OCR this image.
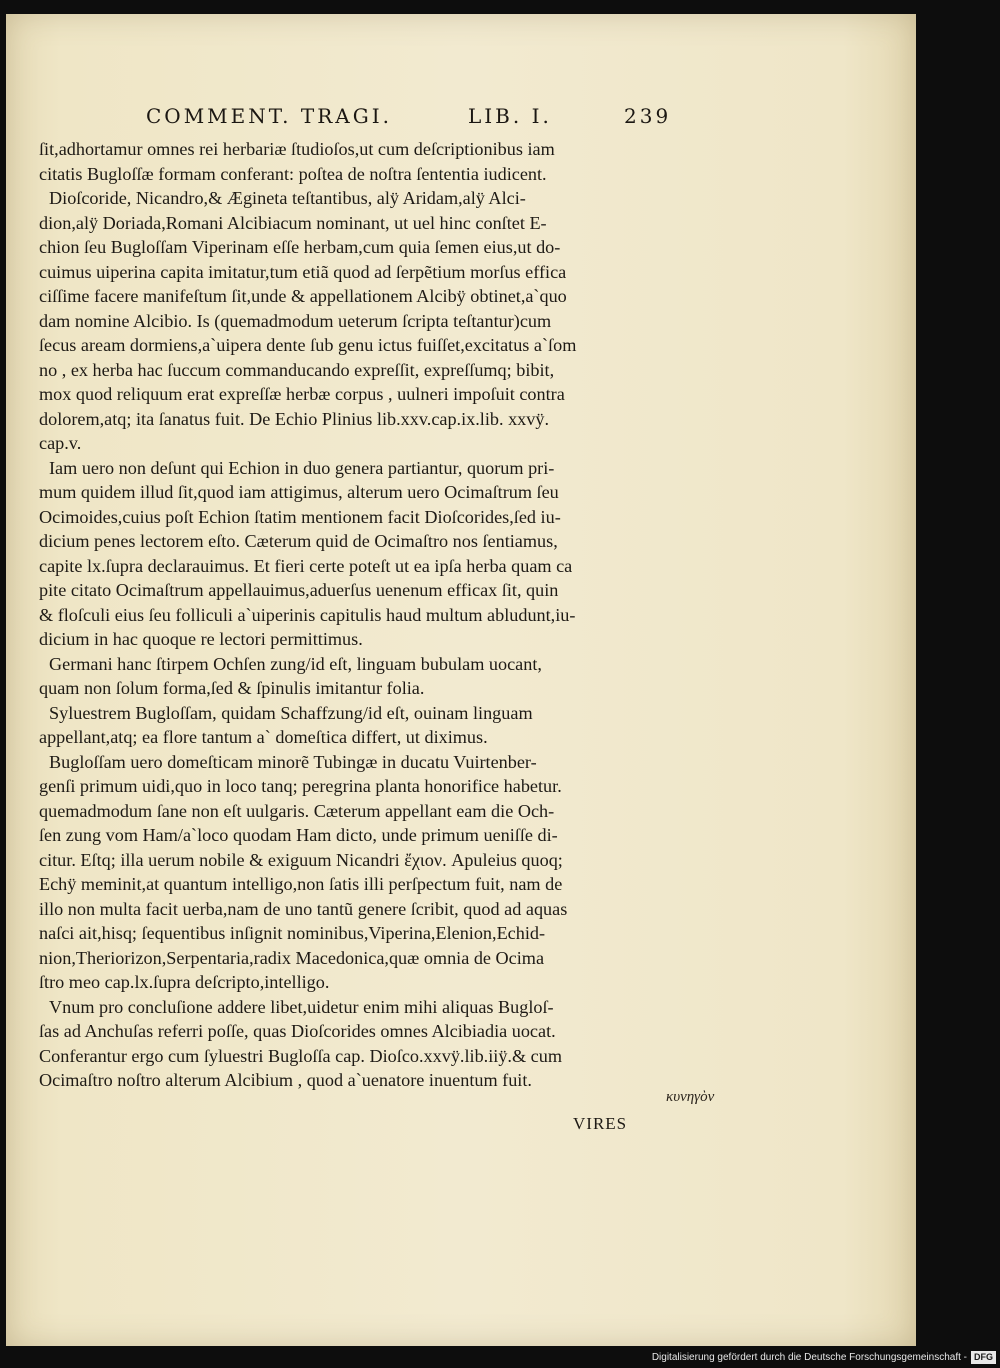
COMMENT. TRAGI.	LIB. I.	239
ſit,adhortamur omnes rei herbariæ ſtudioſos,ut cum deſcriptionibus iam
citatis Bugloſſæ formam conferant: poſtea de noſtra ſententia iudicent.
Dioſcoride, Nicandro,& Ægineta teſtantibus, alÿ Aridam,alÿ Alci-
dion,alÿ Doriada,Romani Alcibiacum nominant, ut uel hinc conſtet E-
chion ſeu Bugloſſam Viperinam eſſe herbam,cum quia ſemen eius,ut do-
cuimus uiperina capita imitatur,tum etiã quod ad ſerpẽtium morſus effica
ciſſime facere manifeſtum ſit,unde & appellationem Alcibÿ obtinet,a`quo
dam nomine Alcibio. Is (quemadmodum ueterum ſcripta teſtantur)cum
ſecus aream dormiens,a`uipera dente ſub genu ictus fuiſſet,excitatus a`ſom
no , ex herba hac ſuccum commanducando expreſſit, expreſſumq; bibit,
mox quod reliquum erat expreſſæ herbæ corpus , uulneri impoſuit contra
dolorem,atq; ita ſanatus fuit. De Echio Plinius lib.xxv.cap.ix.lib. xxvÿ.
cap.v.
Iam uero non deſunt qui Echion in duo genera partiantur, quorum pri-
mum quidem illud ſit,quod iam attigimus, alterum uero Ocimaſtrum ſeu
Ocimoides,cuius poſt Echion ſtatim mentionem facit Dioſcorides,ſed iu-
dicium penes lectorem eſto. Cæterum quid de Ocimaſtro nos ſentiamus,
capite lx.ſupra declarauimus. Et fieri certe poteſt ut ea ipſa herba quam ca
pite citato Ocimaſtrum appellauimus,aduerſus uenenum efficax ſit, quin
& floſculi eius ſeu folliculi a`uiperinis capitulis haud multum abludunt,iu-
dicium in hac quoque re lectori permittimus.
Germani hanc ſtirpem Ochſen zung/id eſt, linguam bubulam uocant,
quam non ſolum forma,ſed & ſpinulis imitantur folia.
Syluestrem Bugloſſam, quidam Schaffzung/id eſt, ouinam linguam
appellant,atq; ea flore tantum a` domeſtica differt, ut diximus.
Bugloſſam uero domeſticam minorẽ Tubingæ in ducatu Vuirtenber-
genſi primum uidi,quo in loco tanq; peregrina planta honorifice habetur.
quemadmodum ſane non eſt uulgaris. Cæterum appellant eam die Och-
ſen zung vom Ham/a`loco quodam Ham dicto, unde primum ueniſſe di-
citur. Eſtq; illa uerum nobile & exiguum Nicandri ἔχιον. Apuleius quoq;
Echÿ meminit,at quantum intelligo,non ſatis illi perſpectum fuit, nam de
illo non multa facit uerba,nam de uno tantũ genere ſcribit, quod ad aquas
naſci ait,hisq; ſequentibus inſignit nominibus,Viperina,Elenion,Echid-
nion,Theriorizon,Serpentaria,radix Macedonica,quæ omnia de Ocima
ſtro meo cap.lx.ſupra deſcripto,intelligo.
Vnum pro concluſione addere libet,uidetur enim mihi aliquas Bugloſ-
ſas ad Anchuſas referri poſſe, quas Dioſcorides omnes Alcibiadia uocat.
Conferantur ergo cum ſyluestri Bugloſſa cap. Dioſco.xxvÿ.lib.iiÿ.& cum
Ocimaſtro noſtro alterum Alcibium , quod a`uenatore inuentum fuit.
κυνηγὸν
VIRES
Digitalisierung gefördert durch die Deutsche Forschungsgemeinschaft - DFG
